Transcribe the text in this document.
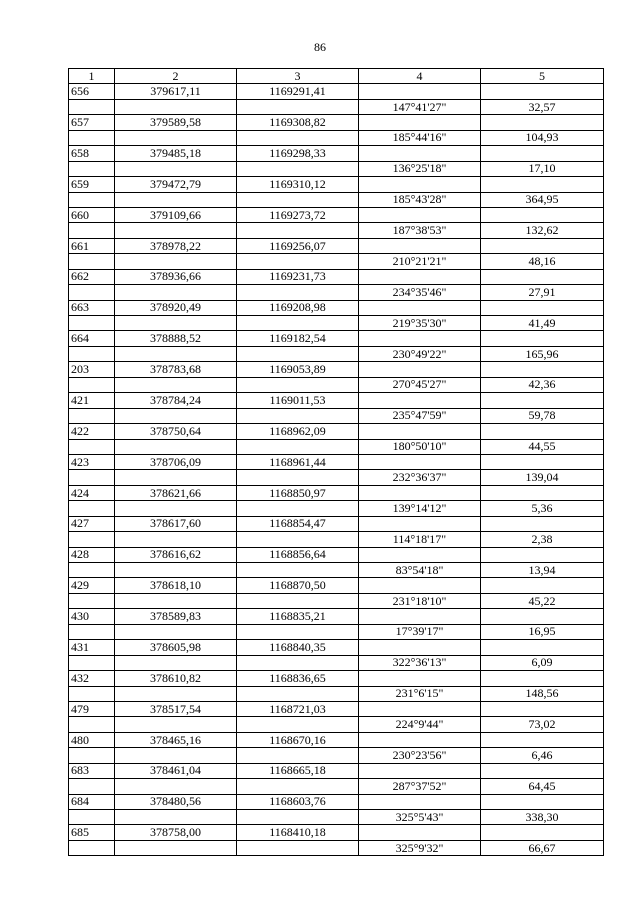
86
1	2	3	4	5
656	379617,11	1169291,41		
			147°41'27"	32,57
657	379589,58	1169308,82		
			185°44'16"	104,93
658	379485,18	1169298,33		
			136°25'18"	17,10
659	379472,79	1169310,12		
			185°43'28"	364,95
660	379109,66	1169273,72		
			187°38'53"	132,62
661	378978,22	1169256,07		
			210°21'21"	48,16
662	378936,66	1169231,73		
			234°35'46"	27,91
663	378920,49	1169208,98		
			219°35'30"	41,49
664	378888,52	1169182,54		
			230°49'22"	165,96
203	378783,68	1169053,89		
			270°45'27"	42,36
421	378784,24	1169011,53		
			235°47'59"	59,78
422	378750,64	1168962,09		
			180°50'10"	44,55
423	378706,09	1168961,44		
			232°36'37"	139,04
424	378621,66	1168850,97		
			139°14'12"	5,36
427	378617,60	1168854,47		
			114°18'17"	2,38
428	378616,62	1168856,64		
			83°54'18"	13,94
429	378618,10	1168870,50		
			231°18'10"	45,22
430	378589,83	1168835,21		
			17°39'17"	16,95
431	378605,98	1168840,35		
			322°36'13"	6,09
432	378610,82	1168836,65		
			231°6'15"	148,56
479	378517,54	1168721,03		
			224°9'44"	73,02
480	378465,16	1168670,16		
			230°23'56"	6,46
683	378461,04	1168665,18		
			287°37'52"	64,45
684	378480,56	1168603,76		
			325°5'43"	338,30
685	378758,00	1168410,18		
			325°9'32"	66,67
